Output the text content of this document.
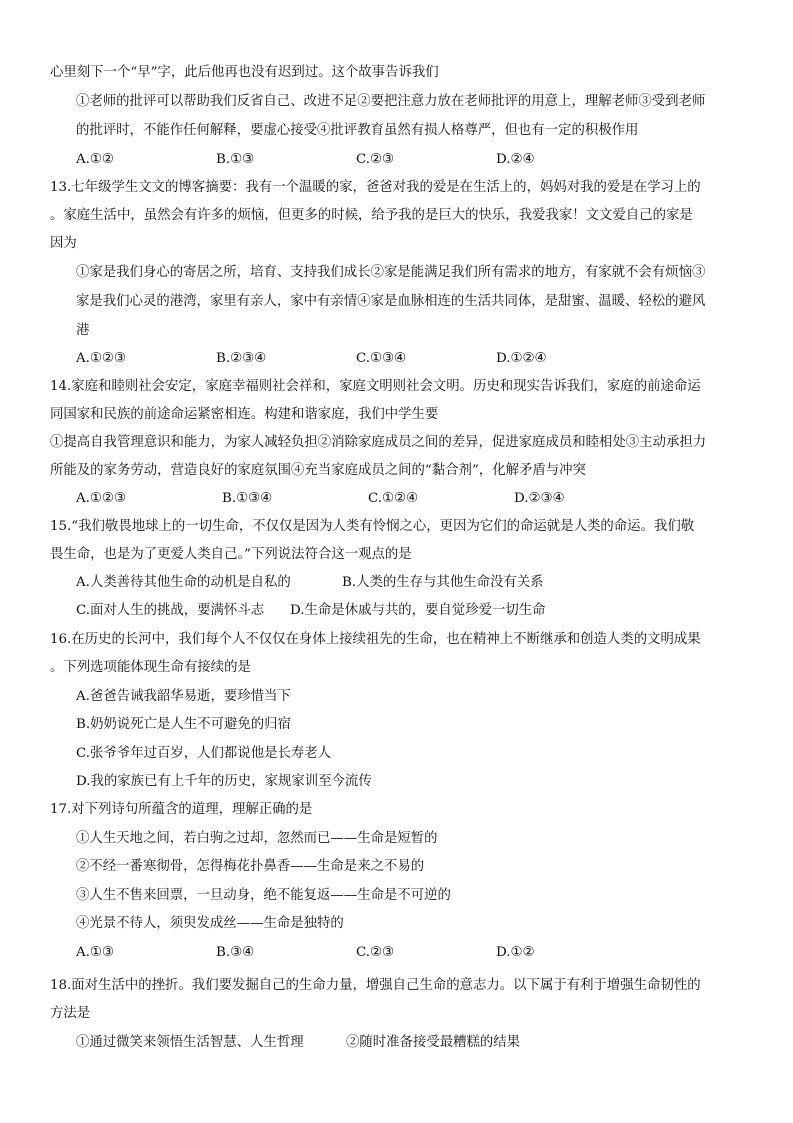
心里刻下一个“早”字，此后他再也没有迟到过。这个故事告诉我们
①老师的批评可以帮助我们反省自己、改进不足②要把注意力放在老师批评的用意上，理解老师③受到老师
的批评时，不能作任何解释，要虚心接受④批评教育虽然有损人格尊严，但也有一定的积极作用
A.①②	B.①③	C.②③	D.②④
13.七年级学生文文的博客摘要：我有一个温暖的家，爸爸对我的爱是在生活上的，妈妈对我的爱是在学习上的
。家庭生活中，虽然会有许多的烦恼，但更多的时候，给予我的是巨大的快乐，我爱我家！文文爱自己的家是
因为
①家是我们身心的寄居之所，培育、支持我们成长②家是能满足我们所有需求的地方，有家就不会有烦恼③
家是我们心灵的港湾，家里有亲人，家中有亲情④家是血脉相连的生活共同体，是甜蜜、温暖、轻松的避风
港
A.①②③	B.②③④	C.①③④	D.①②④
14.家庭和睦则社会安定，家庭幸福则社会祥和，家庭文明则社会文明。历史和现实告诉我们，家庭的前途命运
同国家和民族的前途命运紧密相连。构建和谐家庭，我们中学生要
①提高自我管理意识和能力，为家人减轻负担②消除家庭成员之间的差异，促进家庭成员和睦相处③主动承担力
所能及的家务劳动，营造良好的家庭氛围④充当家庭成员之间的“黏合剂”，化解矛盾与冲突
A.①②③	B.①③④	C.①②④	D.②③④
15.“我们敬畏地球上的一切生命，不仅仅是因为人类有怜悯之心，更因为它们的命运就是人类的命运。我们敬
畏生命，也是为了更爱人类自己。”下列说法符合这一观点的是
A.人类善待其他生命的动机是自私的	B.人类的生存与其他生命没有关系
C.面对人生的挑战，要满怀斗志 D.生命是休戚与共的，要自觉珍爱一切生命
16.在历史的长河中，我们每个人不仅仅在身体上接续祖先的生命，也在精神上不断继承和创造人类的文明成果
。下列选项能体现生命有接续的是
A.爸爸告诫我韶华易逝，要珍惜当下
B.奶奶说死亡是人生不可避免的归宿
C.张爷爷年过百岁，人们都说他是长寿老人
D.我的家族已有上千年的历史，家规家训至今流传
17.对下列诗句所蕴含的道理，理解正确的是
①人生天地之间，若白驹之过却，忽然而已——生命是短暂的
②不经一番寒彻骨，怎得梅花扑鼻香——生命是来之不易的
③人生不售来回票，一旦动身，绝不能复返——生命是不可逆的
④光景不待人，须臾发成丝——生命是独特的
A.①③	B.③④	C.②③	D.①②
18.面对生活中的挫折。我们要发掘自己的生命力量，增强自己生命的意志力。以下属于有利于增强生命韧性的
方法是
①通过微笑来领悟生活智慧、人生哲理	②随时准备接受最糟糕的结果
